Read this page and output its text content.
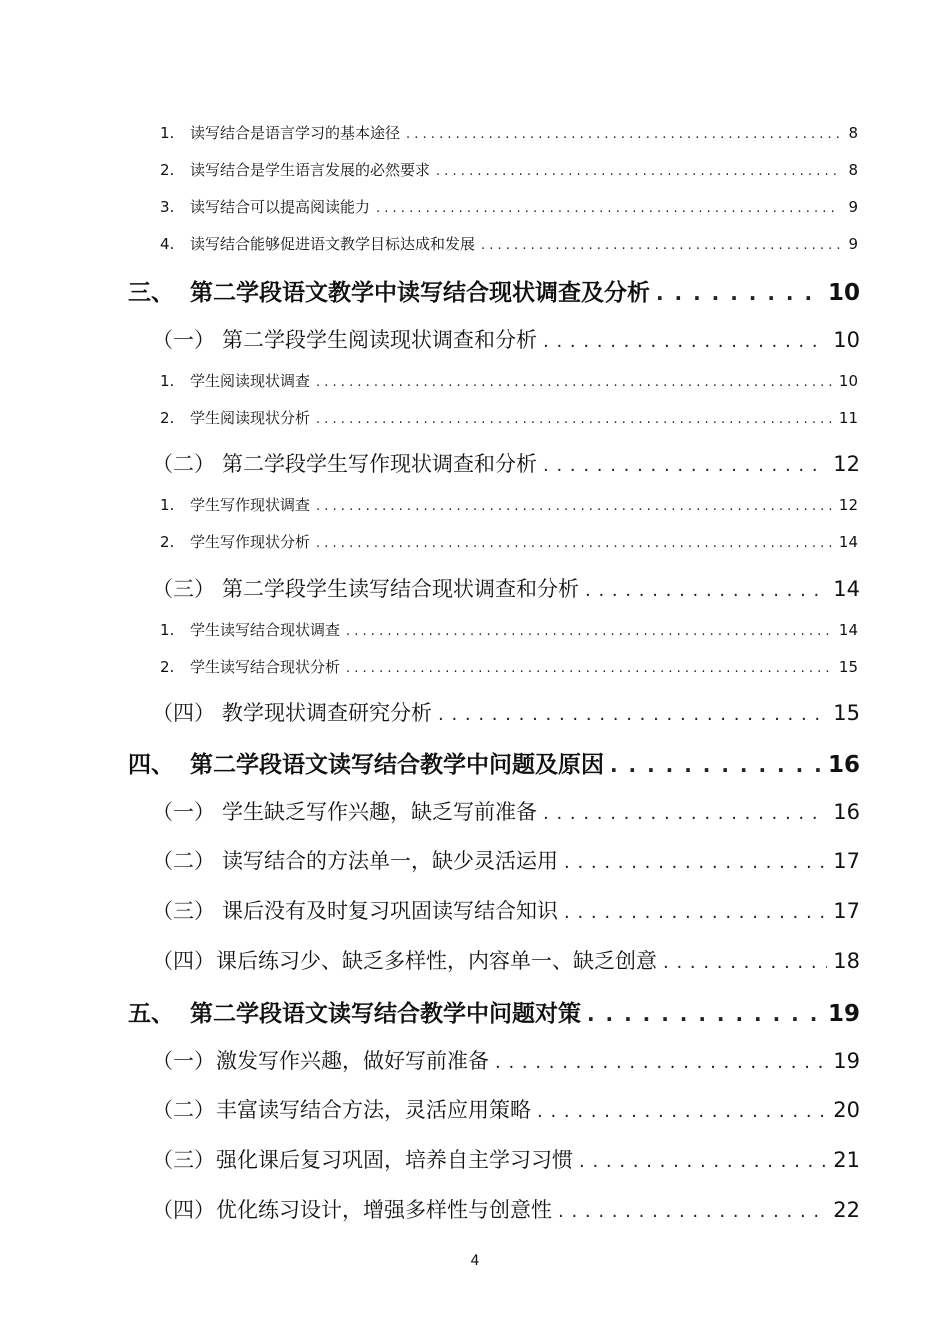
1.	读写结合是语言学习的基本途径 . . .	8
2.	读写结合是学生语言发展的必然要求 . . .	8
3.	读写结合可以提高阅读能力 . . .	9
4.	读写结合能够促进语文教学目标达成和发展 . . .	9
三、 第二学段语文教学中读写结合现状调查及分析 . . .	10
（一） 第二学段学生阅读现状调查和分析 . . .	10
1.	学生阅读现状调查 . . .	10
2.	学生阅读现状分析 . . .	11
（二） 第二学段学生写作现状调查和分析 . . .	12
1.	学生写作现状调查 . . .	12
2.	学生写作现状分析 . . .	14
（三） 第二学段学生读写结合现状调查和分析 . . .	14
1.	学生读写结合现状调查 . . .	14
2.	学生读写结合现状分析 . . .	15
（四） 教学现状调查研究分析 . . .	15
四、 第二学段语文读写结合教学中问题及原因 . . .	16
（一） 学生缺乏写作兴趣，缺乏写前准备 . . .	16
（二） 读写结合的方法单一，缺少灵活运用 . . .	17
（三） 课后没有及时复习巩固读写结合知识 . . .	17
（四） 课后练习少、缺乏多样性，内容单一、缺乏创意 . . .	18
五、 第二学段语文读写结合教学中问题对策 . . .	19
（一） 激发写作兴趣，做好写前准备 . . .	19
（二） 丰富读写结合方法，灵活应用策略 . . .	20
（三） 强化课后复习巩固，培养自主学习习惯 . . .	21
（四） 优化练习设计，增强多样性与创意性 . . .	22
4
